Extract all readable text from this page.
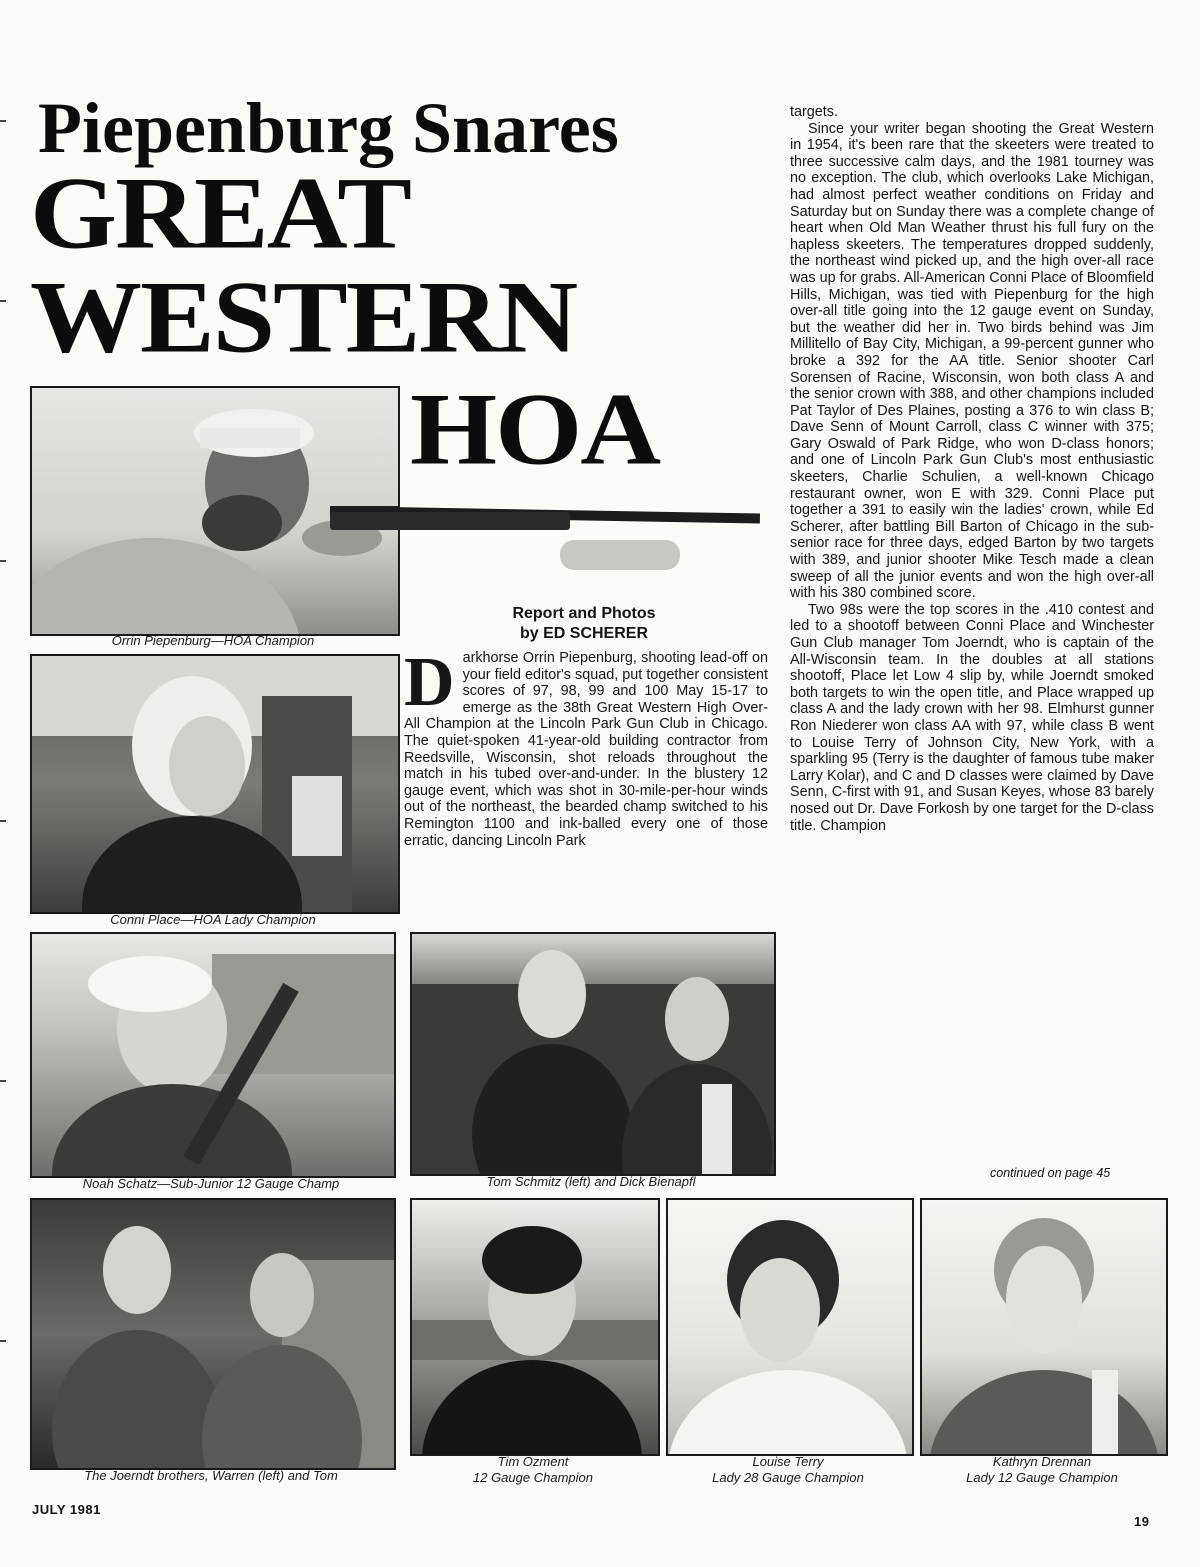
Piepenburg Snares
GREAT
WESTERN
HOA
Orrin Piepenburg—HOA Champion
Conni Place—HOA Lady Champion
Noah Schatz—Sub-Junior 12 Gauge Champ
Report and Photos
by ED SCHERER
D arkhorse Orrin Piepenburg, shooting lead-off on your field editor's squad, put together consistent scores of 97, 98, 99 and 100 May 15-17 to emerge as the 38th Great Western High Over-All Champion at the Lincoln Park Gun Club in Chicago. The quiet-spoken 41-year-old building contractor from Reedsville, Wisconsin, shot reloads throughout the match in his tubed over-and-under. In the blustery 12 gauge event, which was shot in 30-mile-per-hour winds out of the northeast, the bearded champ switched to his Remington 1100 and ink-balled every one of those erratic, dancing Lincoln Park

Tom Schmitz (left) and Dick Bienapfl

targets.

Since your writer began shooting the Great Western in 1954, it's been rare that the skeeters were treated to three successive calm days, and the 1981 tourney was no exception. The club, which overlooks Lake Michigan, had almost perfect weather conditions on Friday and Saturday but on Sunday there was a complete change of heart when Old Man Weather thrust his full fury on the hapless skeeters. The temperatures dropped suddenly, the northeast wind picked up, and the high over-all race was up for grabs. All-American Conni Place of Bloomfield Hills, Michigan, was tied with Piepenburg for the high over-all title going into the 12 gauge event on Sunday, but the weather did her in. Two birds behind was Jim Millitello of Bay City, Michigan, a 99-percent gunner who broke a 392 for the AA title. Senior shooter Carl Sorensen of Racine, Wisconsin, won both class A and the senior crown with 388, and other champions included Pat Taylor of Des Plaines, posting a 376 to win class B; Dave Senn of Mount Carroll, class C winner with 375; Gary Oswald of Park Ridge, who won D-class honors; and one of Lincoln Park Gun Club's most enthusiastic skeeters, Charlie Schulien, a well-known Chicago restaurant owner, won E with 329. Conni Place put together a 391 to easily win the ladies' crown, while Ed Scherer, after battling Bill Barton of Chicago in the sub-senior race for three days, edged Barton by two targets with 389, and junior shooter Mike Tesch made a clean sweep of all the junior events and won the high over-all with his 380 combined score.

Two 98s were the top scores in the .410 contest and led to a shootoff between Conni Place and Winchester Gun Club manager Tom Joerndt, who is captain of the All-Wisconsin team. In the doubles at all stations shootoff, Place let Low 4 slip by, while Joerndt smoked both targets to win the open title, and Place wrapped up class A and the lady crown with her 98. Elmhurst gunner Ron Niederer won class AA with 97, while class B went to Louise Terry of Johnson City, New York, with a sparkling 95 (Terry is the daughter of famous tube maker Larry Kolar), and C and D classes were claimed by Dave Senn, C-first with 91, and Susan Keyes, whose 83 barely nosed out Dr. Dave Forkosh by one target for the D-class title. Champion

continued on page 45
The Joerndt brothers, Warren (left) and Tom
Tim Ozment
12 Gauge Champion
Louise Terry
Lady 28 Gauge Champion
Kathryn Drennan
Lady 12 Gauge Champion
JULY 1981
19
